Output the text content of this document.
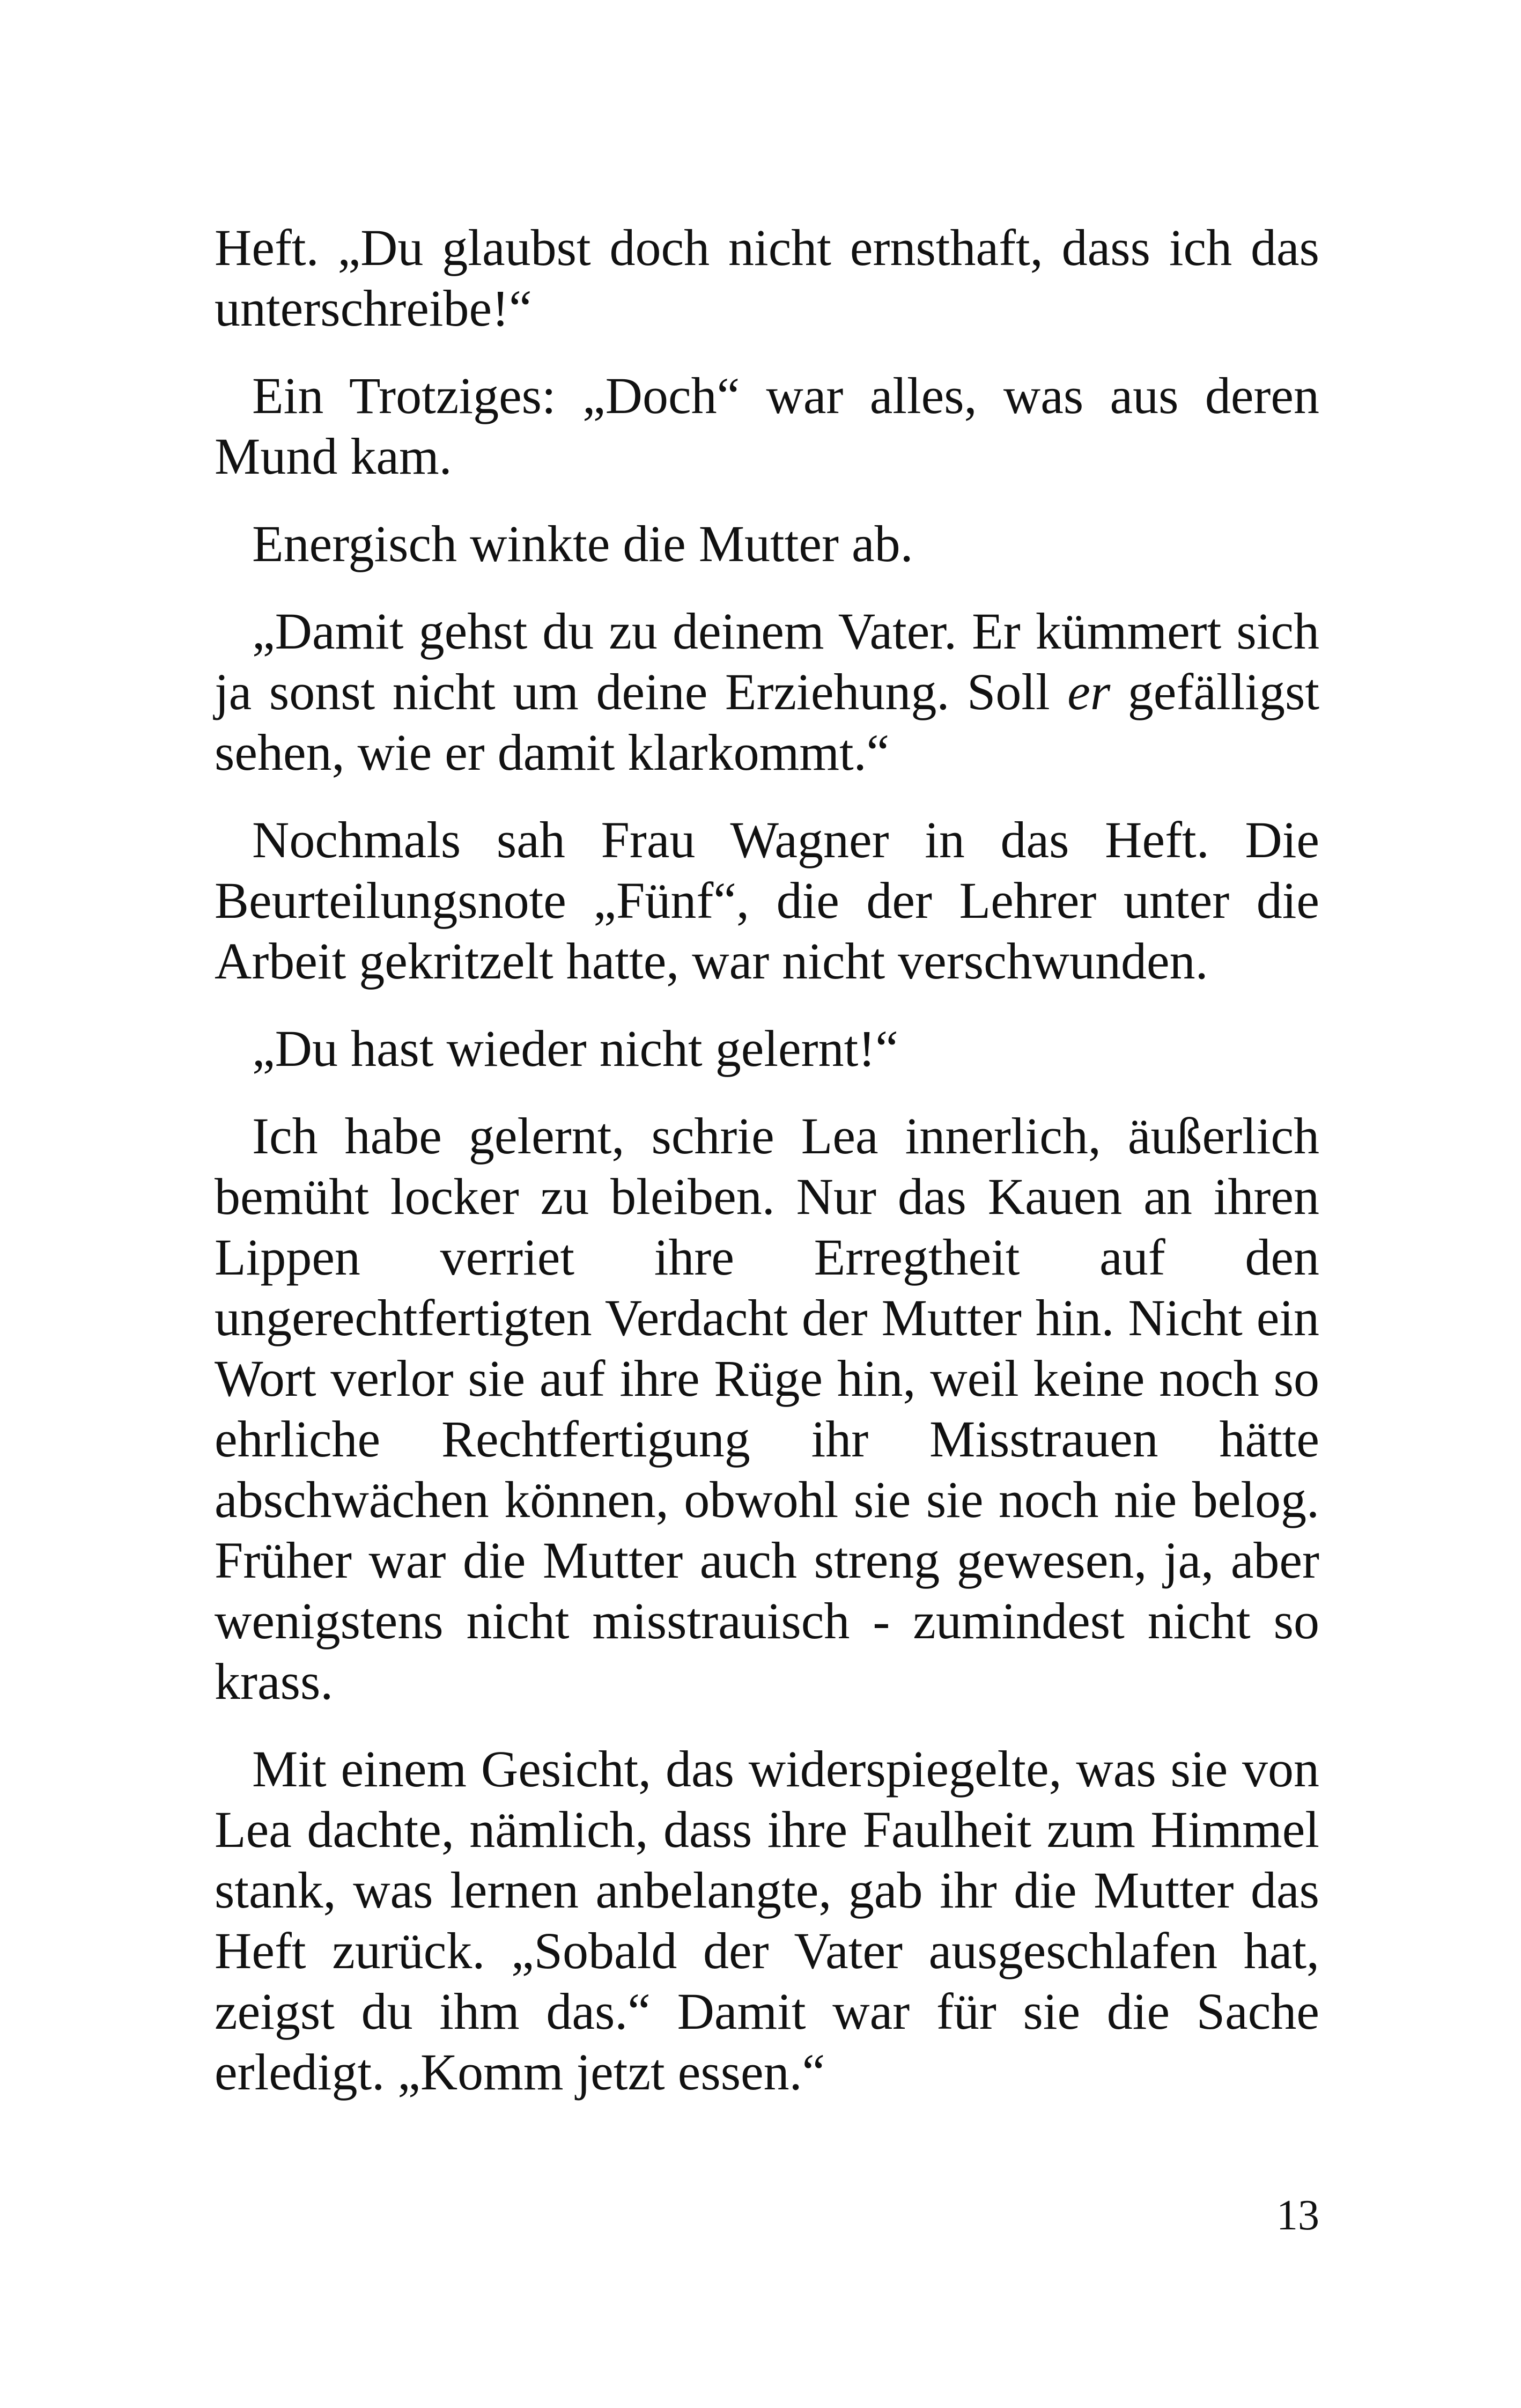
Heft. „Du glaubst doch nicht ernsthaft, dass ich das unterschreibe!“

Ein Trotziges: „Doch“ war alles, was aus deren Mund kam.

Energisch winkte die Mutter ab.

„Damit gehst du zu deinem Vater. Er kümmert sich ja sonst nicht um deine Erziehung. Soll er gefälligst sehen, wie er damit klarkommt.“

Nochmals sah Frau Wagner in das Heft. Die Beurteilungsnote „Fünf“, die der Lehrer unter die Arbeit gekritzelt hatte, war nicht verschwunden.

„Du hast wieder nicht gelernt!“

Ich habe gelernt, schrie Lea innerlich, äußerlich bemüht locker zu bleiben. Nur das Kauen an ihren Lippen verriet ihre Erregtheit auf den ungerechtfertigten Verdacht der Mutter hin. Nicht ein Wort verlor sie auf ihre Rüge hin, weil keine noch so ehrliche Rechtfertigung ihr Misstrauen hätte abschwächen können, obwohl sie sie noch nie belog. Früher war die Mutter auch streng gewesen, ja, aber wenigstens nicht misstrauisch - zumindest nicht so krass.

Mit einem Gesicht, das widerspiegelte, was sie von Lea dachte, nämlich, dass ihre Faulheit zum Himmel stank, was lernen anbelangte, gab ihr die Mutter das Heft zurück. „Sobald der Vater ausgeschlafen hat, zeigst du ihm das.“ Damit war für sie die Sache erledigt. „Komm jetzt essen.“

13
